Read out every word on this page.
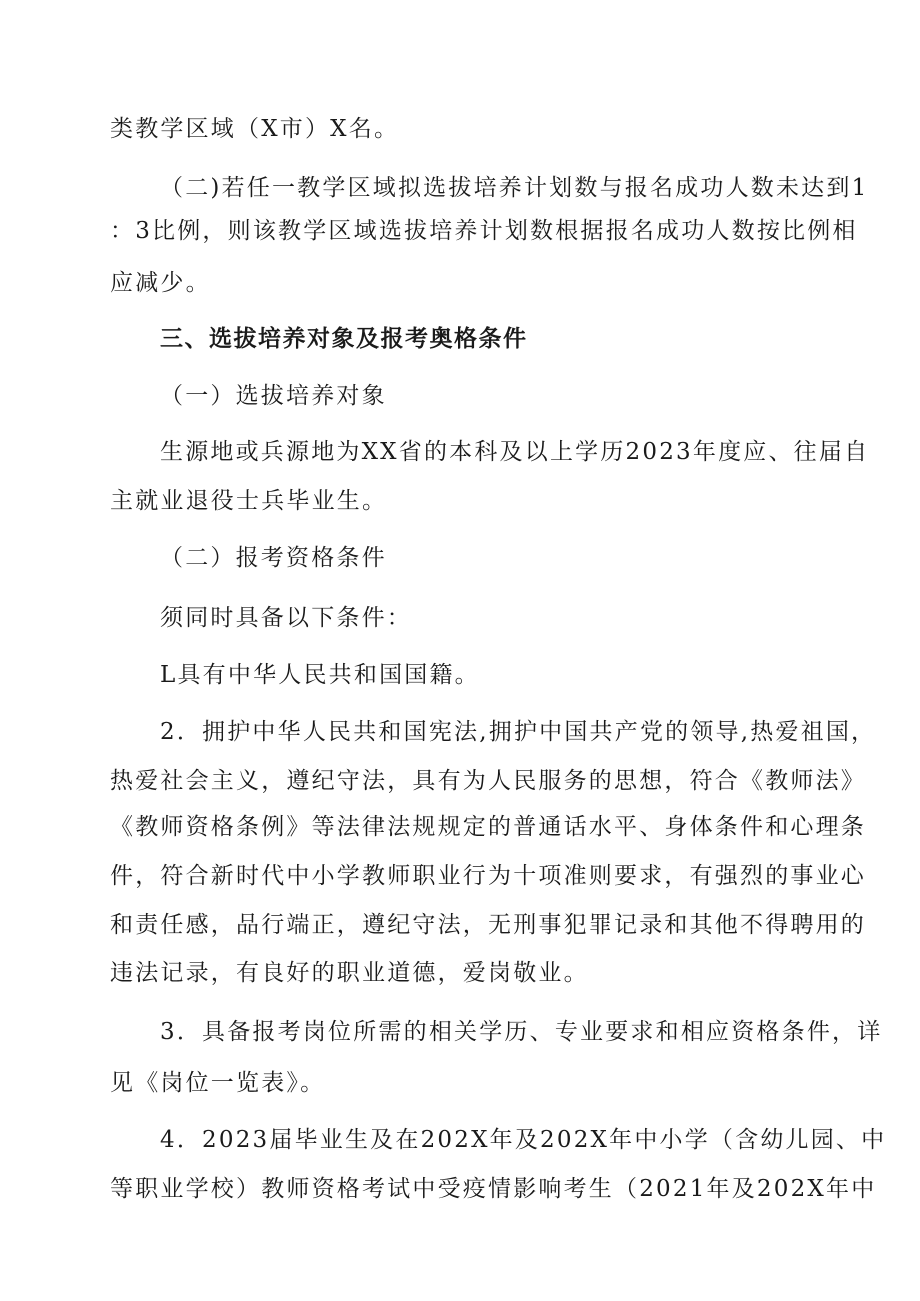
类教学区域（X市）X名。
（二)若任一教学区域拟选拔培养计划数与报名成功人数未达到1
：3比例，则该教学区域选拔培养计划数根据报名成功人数按比例相
应减少。
三、选拔培养对象及报考奥格条件
（一）选拔培养对象
生源地或兵源地为XX省的本科及以上学历2023年度应、往届自
主就业退役士兵毕业生。
（二）报考资格条件
须同时具备以下条件：
L具有中华人民共和国国籍。
2．拥护中华人民共和国宪法,拥护中国共产党的领导,热爱祖国，
热爱社会主义，遵纪守法，具有为人民服务的思想，符合《教师法》
《教师资格条例》等法律法规规定的普通话水平、身体条件和心理条
件，符合新时代中小学教师职业行为十项准则要求，有强烈的事业心
和责任感，品行端正，遵纪守法，无刑事犯罪记录和其他不得聘用的
违法记录，有良好的职业道德，爱岗敬业。
3．具备报考岗位所需的相关学历、专业要求和相应资格条件，详
见《岗位一览表》。
4．2023届毕业生及在202X年及202X年中小学（含幼儿园、中
等职业学校）教师资格考试中受疫情影响考生（2021年及202X年中
